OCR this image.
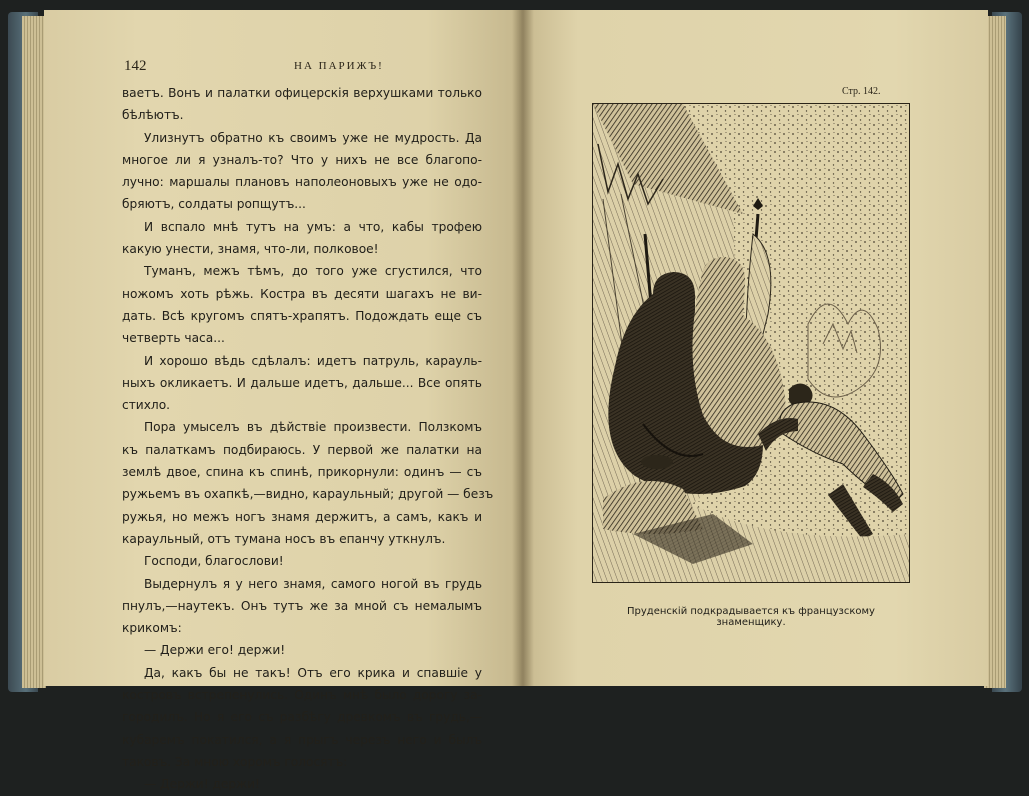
142	НА ПАРИЖЪ!
ваетъ. Вонъ и палатки офицерскія верхушками только
бѣлѣютъ.
Улизнутъ обратно къ своимъ уже не мудрость. Да
многое ли я узналъ-то? Что у нихъ не все благопо-
лучно: маршалы плановъ наполеоновыхъ уже не одо-
бряютъ, солдаты ропщутъ...
И вспало мнѣ тутъ на умъ: а что, кабы трофею
какую унести, знамя, что-ли, полковое!
Туманъ, межъ тѣмъ, до того уже сгустился, что
ножомъ хоть рѣжь. Костра въ десяти шагахъ не ви-
дать. Всѣ кругомъ спятъ-храпятъ. Подождать еще съ
четверть часа...
И хорошо вѣдь сдѣлалъ: идетъ патруль, карауль-
ныхъ окликаетъ. И дальше идетъ, дальше... Все опять
стихло.
Пора умыселъ въ дѣйствіе произвести. Ползкомъ
къ палаткамъ подбираюсь. У первой же палатки на
землѣ двое, спина къ спинѣ, прикорнули: одинъ — съ
ружьемъ въ охапкѣ,—видно, караульный; другой — безъ
ружья, но межъ ногъ знамя держитъ, а самъ, какъ и
караульный, отъ тумана носъ въ епанчу уткнулъ.
Господи, благослови!
Выдернулъ я у него знамя, самого ногой въ грудь
пнулъ,—наутекъ. Онъ тутъ же за мной съ немалымъ
крикомъ:
— Держи его! держи!
Да, какъ бы не такъ! Отъ его крика и спавшіе у
костровъ встрепенулись. Одинъ мнѣ было дорогу за-
городилъ. Но я его съ разбѣгу древкомъ въ грудь,—
кубаремъ покатился, а я прыгъ черезъ него и былъ
таковъ. За мною хоромъ голосятъ:
— Держи! держи!
Стр. 142.
Пруденскій подкрадывается къ французскому знаменщику.
